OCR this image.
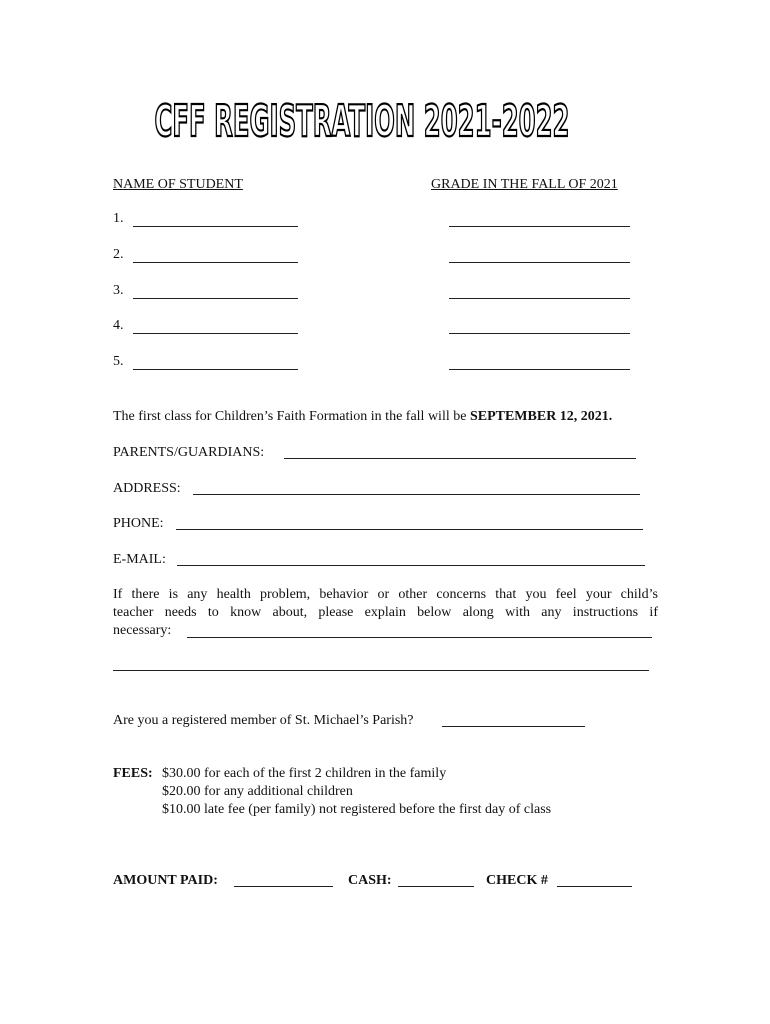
CFF REGISTRATION 2021-2022
NAME OF STUDENT	GRADE IN THE FALL OF 2021
1.
2.
3.
4.
5.
The first class for Children’s Faith Formation in the fall will be SEPTEMBER 12, 2021.
PARENTS/GUARDIANS:
ADDRESS:
PHONE:
E-MAIL:
If there is any health problem, behavior or other concerns that you feel your child’s
teacher needs to know about, please explain below along with any instructions if
necessary:
Are you a registered member of St. Michael’s Parish?
FEES: $30.00 for each of the first 2 children in the family
$20.00 for any additional children
$10.00 late fee (per family) not registered before the first day of class
AMOUNT PAID:	CASH:	CHECK #
